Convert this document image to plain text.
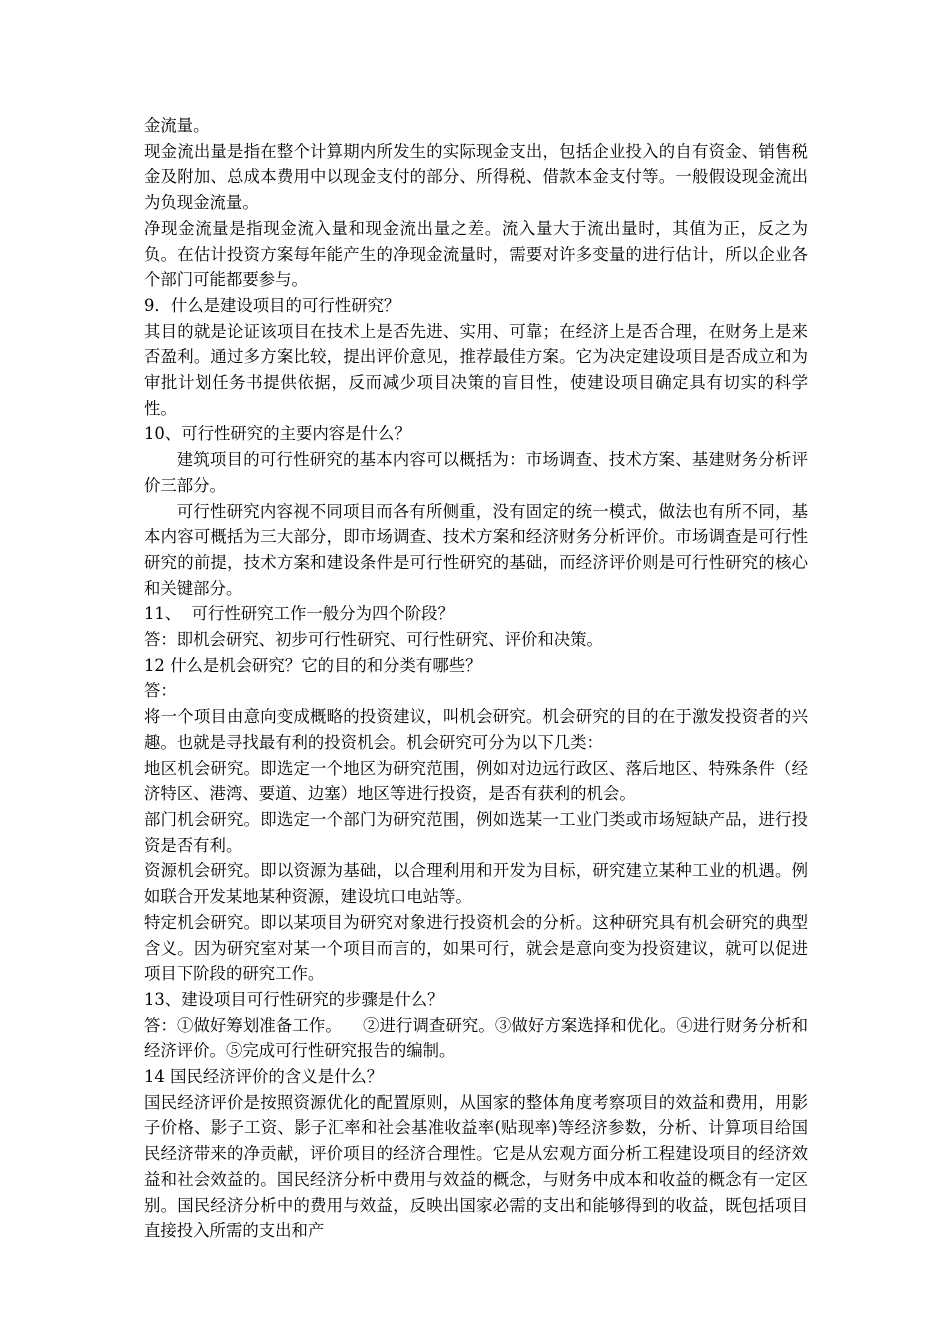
金流量。

现金流出量是指在整个计算期内所发生的实际现金支出，包括企业投入的自有资金、销售税金及附加、总成本费用中以现金支付的部分、所得税、借款本金支付等。一般假设现金流出为负现金流量。

净现金流量是指现金流入量和现金流出量之差。流入量大于流出量时，其值为正，反之为负。在估计投资方案每年能产生的净现金流量时，需要对许多变量的进行估计，所以企业各个部门可能都要参与。

9．什么是建设项目的可行性研究？

其目的就是论证该项目在技术上是否先进、实用、可靠；在经济上是否合理，在财务上是来否盈利。通过多方案比较，提出评价意见，推荐最佳方案。它为决定建设项目是否成立和为审批计划任务书提供依据，反而减少项目决策的盲目性，使建设项目确定具有切实的科学性。

10、可行性研究的主要内容是什么？

建筑项目的可行性研究的基本内容可以概括为：市场调查、技术方案、基建财务分析评价三部分。

可行性研究内容视不同项目而各有所侧重，没有固定的统一模式，做法也有所不同，基本内容可概括为三大部分，即市场调查、技术方案和经济财务分析评价。市场调查是可行性研究的前提，技术方案和建设条件是可行性研究的基础，而经济评价则是可行性研究的核心和关键部分。

11、  可行性研究工作一般分为四个阶段？

答：即机会研究、初步可行性研究、可行性研究、评价和决策。

12 什么是机会研究？它的目的和分类有哪些？

答：

将一个项目由意向变成概略的投资建议，叫机会研究。机会研究的目的在于激发投资者的兴趣。也就是寻找最有利的投资机会。机会研究可分为以下几类：

地区机会研究。即选定一个地区为研究范围，例如对边远行政区、落后地区、特殊条件（经济特区、港湾、要道、边塞）地区等进行投资，是否有获利的机会。

部门机会研究。即选定一个部门为研究范围，例如选某一工业门类或市场短缺产品，进行投资是否有利。

资源机会研究。即以资源为基础，以合理利用和开发为目标，研究建立某种工业的机遇。例如联合开发某地某种资源，建设坑口电站等。

特定机会研究。即以某项目为研究对象进行投资机会的分析。这种研究具有机会研究的典型含义。因为研究室对某一个项目而言的，如果可行，就会是意向变为投资建议，就可以促进项目下阶段的研究工作。

13、建设项目可行性研究的步骤是什么？

答：①做好筹划准备工作。    ②进行调查研究。③做好方案选择和优化。④进行财务分析和经济评价。⑤完成可行性研究报告的编制。

14 国民经济评价的含义是什么？

国民经济评价是按照资源优化的配置原则，从国家的整体角度考察项目的效益和费用，用影子价格、影子工资、影子汇率和社会基准收益率(贴现率)等经济参数，分析、计算项目给国民经济带来的净贡献，评价项目的经济合理性。它是从宏观方面分析工程建设项目的经济效益和社会效益的。国民经济分析中费用与效益的概念，与财务中成本和收益的概念有一定区别。国民经济分析中的费用与效益，反映出国家必需的支出和能够得到的收益，既包括项目直接投入所需的支出和产
